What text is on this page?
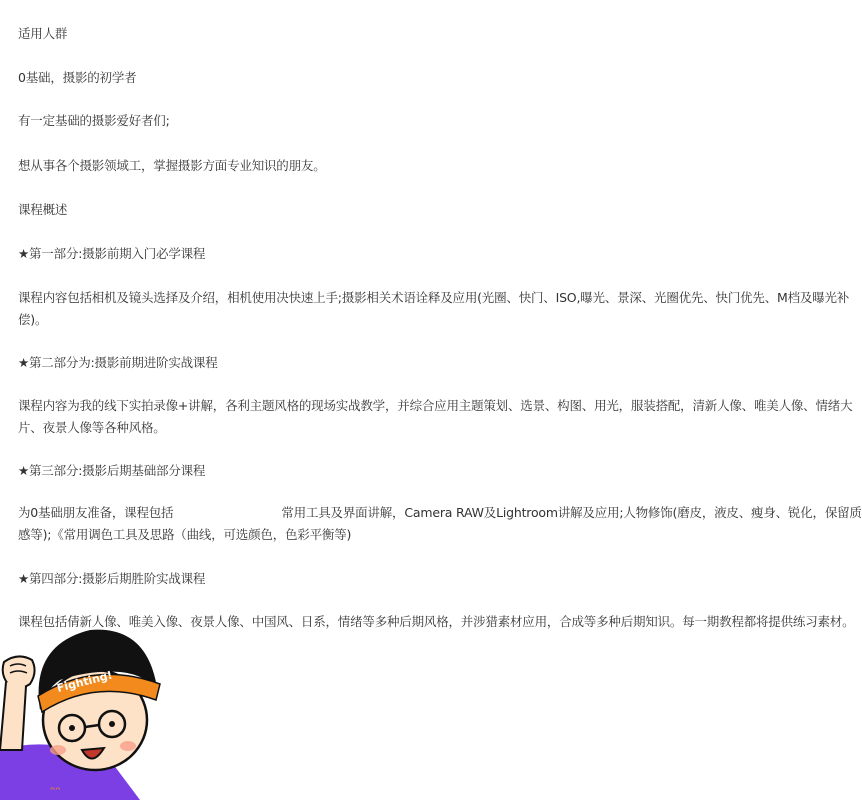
适用人群
0基础，摄影的初学者
有一定基础的摄影爱好者们;
想从事各个摄影领域工，掌握摄影方面专业知识的朋友。
课程概述
★第一部分:摄影前期入门必学课程
课程内容包括相机及镜头选择及介绍，相机使用决快速上手;摄影相关术语诠释及应用(光圈、快门、ISO,曝光、景深、光圈优先、快门优先、M档及曝光补
偿)。
★第二部分为:摄影前期进阶实战课程
课程内容为我的线下实拍录像+讲解，各利主题风格的现场实战教学，并综合应用主题策划、选景、构图、用光，服装搭配，清新人像、唯美人像、情绪大
片、夜景人像等各种风格。
★第三部分:摄影后期基础部分课程
为0基础朋友准备，课程包括	常用工具及界面讲解，Camera RAW及Lightroom讲解及应用;人物修饰(磨皮，液皮、瘦身、锐化，保留质
感等);《常用调色工具及思路（曲线，可选颜色，色彩平衡等)
★第四部分:摄影后期胜阶实战课程
课程包括倩新人像、唯美入像、夜景人像、中国风、日系，情绪等多种后期风格，并涉猎素材应用，合成等多种后期知识。每一期教程都将提供练习素材。
ᵔᵔ
Fighting!
